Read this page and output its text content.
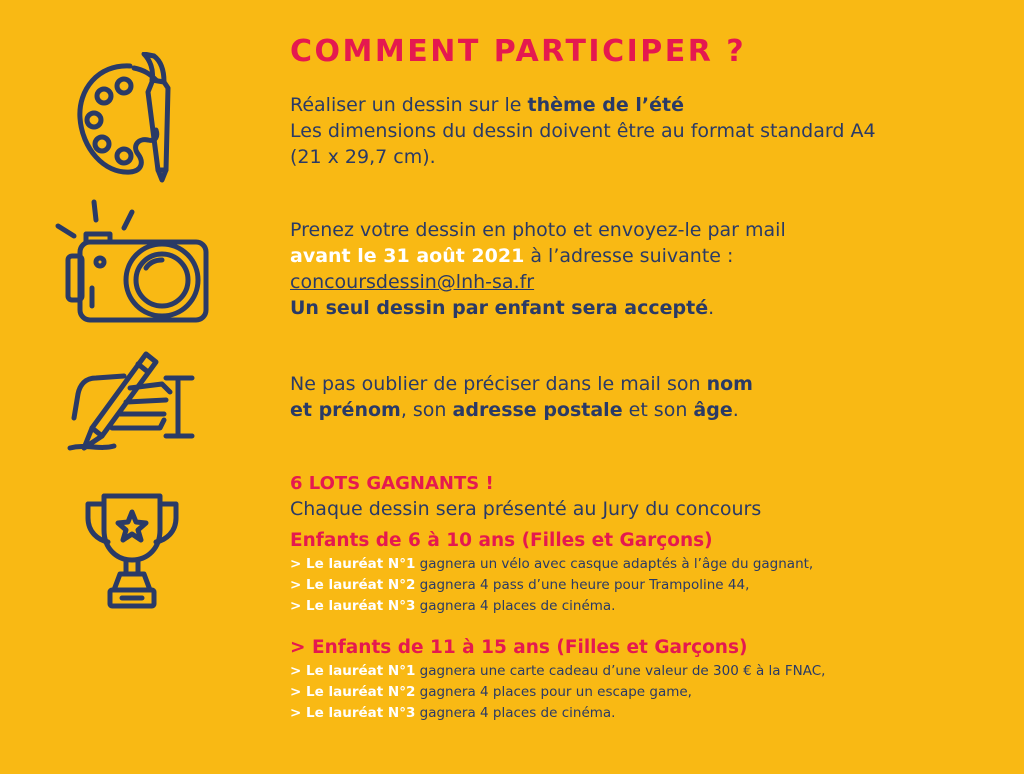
COMMENT PARTICIPER ?

Réaliser un dessin sur le thème de l’été

Les dimensions du dessin doivent être au format standard A4

(21 x 29,7 cm).

Prenez votre dessin en photo et envoyez-le par mail

avant le 31 août 2021 à l’adresse suivante :

concoursdessin@lnh-sa.fr

Un seul dessin par enfant sera accepté.

Ne pas oublier de préciser dans le mail son nom

et prénom, son adresse postale et son âge.

6 LOTS GAGNANTS !

Chaque dessin sera présenté au Jury du concours

Enfants de 6 à 10 ans (Filles et Garçons)

> Le lauréat N°1 gagnera un vélo avec casque adaptés à l’âge du gagnant,

> Le lauréat N°2 gagnera 4 pass d’une heure pour Trampoline 44,

> Le lauréat N°3 gagnera 4 places de cinéma.

> Enfants de 11 à 15 ans (Filles et Garçons)

> Le lauréat N°1 gagnera une carte cadeau d’une valeur de 300 € à la FNAC,

> Le lauréat N°2 gagnera 4 places pour un escape game,

> Le lauréat N°3 gagnera 4 places de cinéma.
